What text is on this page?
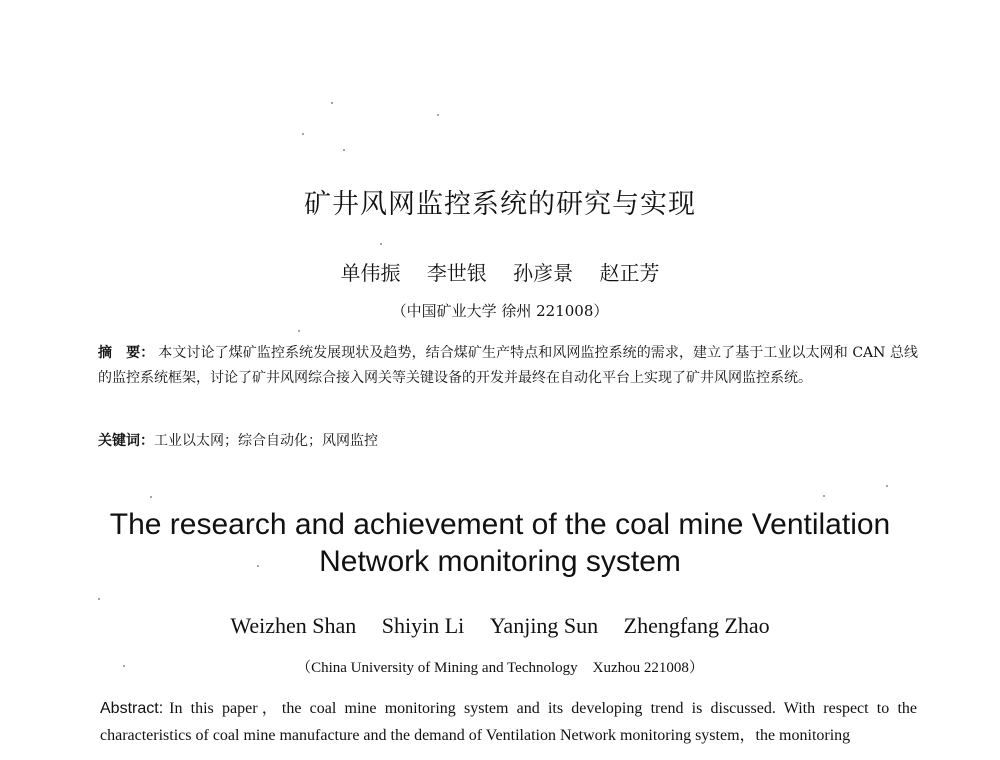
矿井风网监控系统的研究与实现
单伟振 李世银 孙彦景 赵正芳
（中国矿业大学 徐州 221008）
摘　要： 本文讨论了煤矿监控系统发展现状及趋势，结合煤矿生产特点和风网监控系统的需求，建立了基于工业以太网和 CAN 总线的监控系统框架，讨论了矿井风网综合接入网关等关键设备的开发并最终在自动化平台上实现了矿井风网监控系统。
关键词：工业以太网；综合自动化；风网监控
The research and achievement of the coal mine Ventilation
Network monitoring system
Weizhen Shan Shiyin Li Yanjing Sun Zhengfang Zhao
（China University of Mining and Technology　Xuzhou 221008）
Abstract: In this paper，the coal mine monitoring system and its developing trend is discussed. With respect to the characteristics of coal mine manufacture and the demand of Ventilation Network monitoring system，the monitoring
